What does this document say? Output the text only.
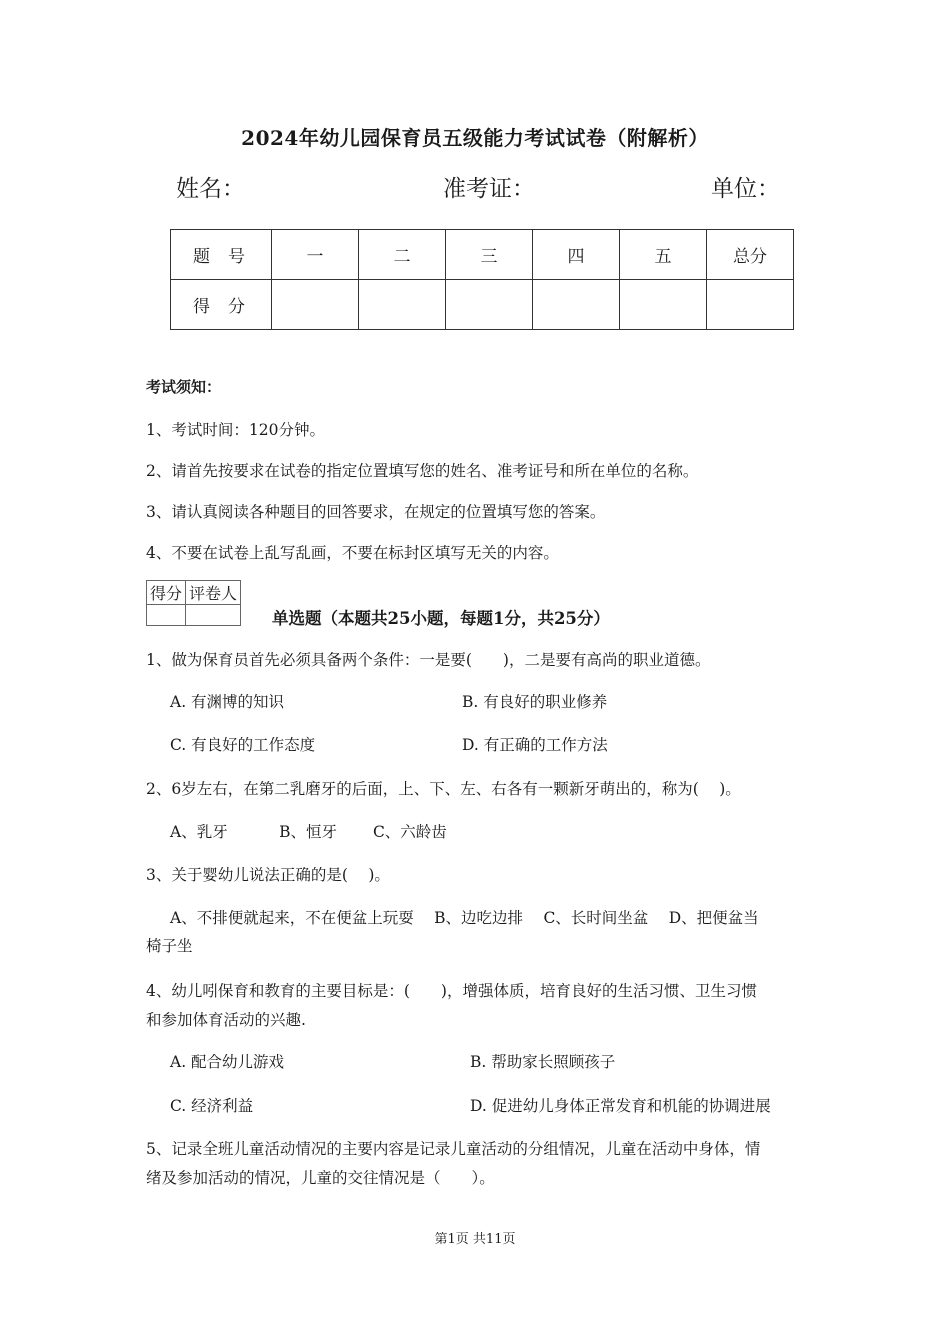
2024年幼儿园保育员五级能力考试试卷（附解析）
姓名：	准考证：	单位：
题号	一	二	三	四	五	总分
得分						
考试须知：
1、考试时间：120分钟。
2、请首先按要求在试卷的指定位置填写您的姓名、准考证号和所在单位的名称。
3、请认真阅读各种题目的回答要求，在规定的位置填写您的答案。
4、不要在试卷上乱写乱画，不要在标封区填写无关的内容。
得分	评卷人

单选题（本题共25小题，每题1分，共25分）
1、做为保育员首先必须具备两个条件：一是要(　　)，二是要有高尚的职业道德。
A. 有渊博的知识	B. 有良好的职业修养
C. 有良好的工作态度	D. 有正确的工作方法
2、6岁左右，在第二乳磨牙的后面，上、下、左、右各有一颗新牙萌出的，称为(　 )。
A、乳牙　　　 B、恒牙　　 C、六龄齿
3、关于婴幼儿说法正确的是(　 )。
A、不排便就起来，不在便盆上玩耍　 B、边吃边排　 C、长时间坐盆　 D、把便盆当
椅子坐
4、幼儿吲保育和教育的主要目标是：(　　)，增强体质，培育良好的生活习惯、卫生习惯
和参加体育活动的兴趣.
A. 配合幼儿游戏	B. 帮助家长照顾孩子
C. 经济利益	D. 促进幼儿身体正常发育和机能的协调进展
5、记录全班儿童活动情况的主要内容是记录儿童活动的分组情况，儿童在活动中身体，情
绪及参加活动的情况，儿童的交往情况是（　　）。
第1页 共11页
